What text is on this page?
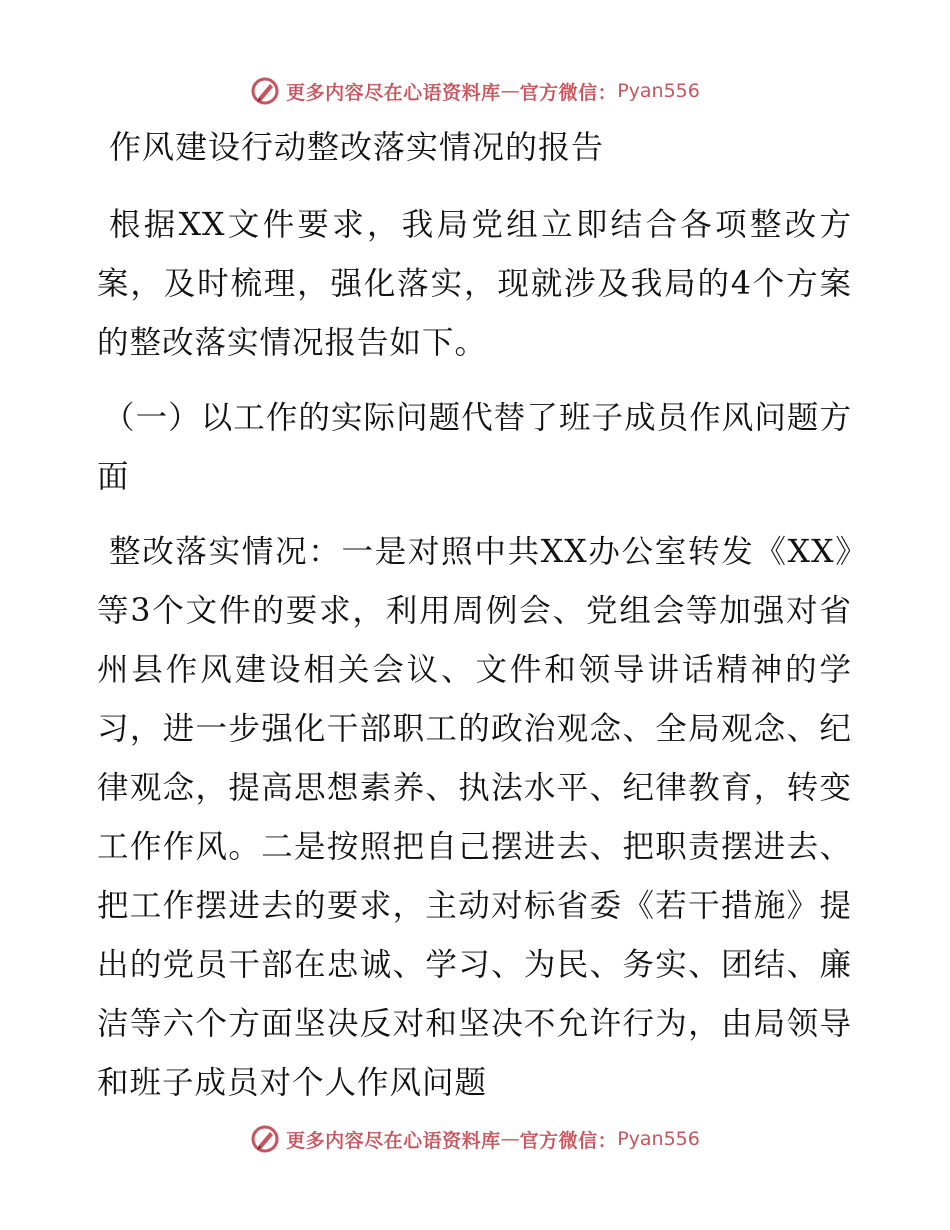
更多内容尽在心语资料库 — 官方微信： Pyan556
作风建设行动整改落实情况的报告

根据XX文件要求，我局党组立即结合各项整改方案，及时梳理，强化落实，现就涉及我局的4个方案的整改落实情况报告如下。

（一）以工作的实际问题代替了班子成员作风问题方面

整改落实情况：一是对照中共XX办公室转发《XX》等3个文件的要求，利用周例会、党组会等加强对省州县作风建设相关会议、文件和领导讲话精神的学习，进一步强化干部职工的政治观念、全局观念、纪律观念，提高思想素养、执法水平、纪律教育，转变工作作风。二是按照把自己摆进去、把职责摆进去、把工作摆进去的要求，主动对标省委《若干措施》提出的党员干部在忠诚、学习、为民、务实、团结、廉洁等六个方面坚决反对和坚决不允许行为，由局领导和班子成员对个人作风问题

更多内容尽在心语资料库 — 官方微信： Pyan556
